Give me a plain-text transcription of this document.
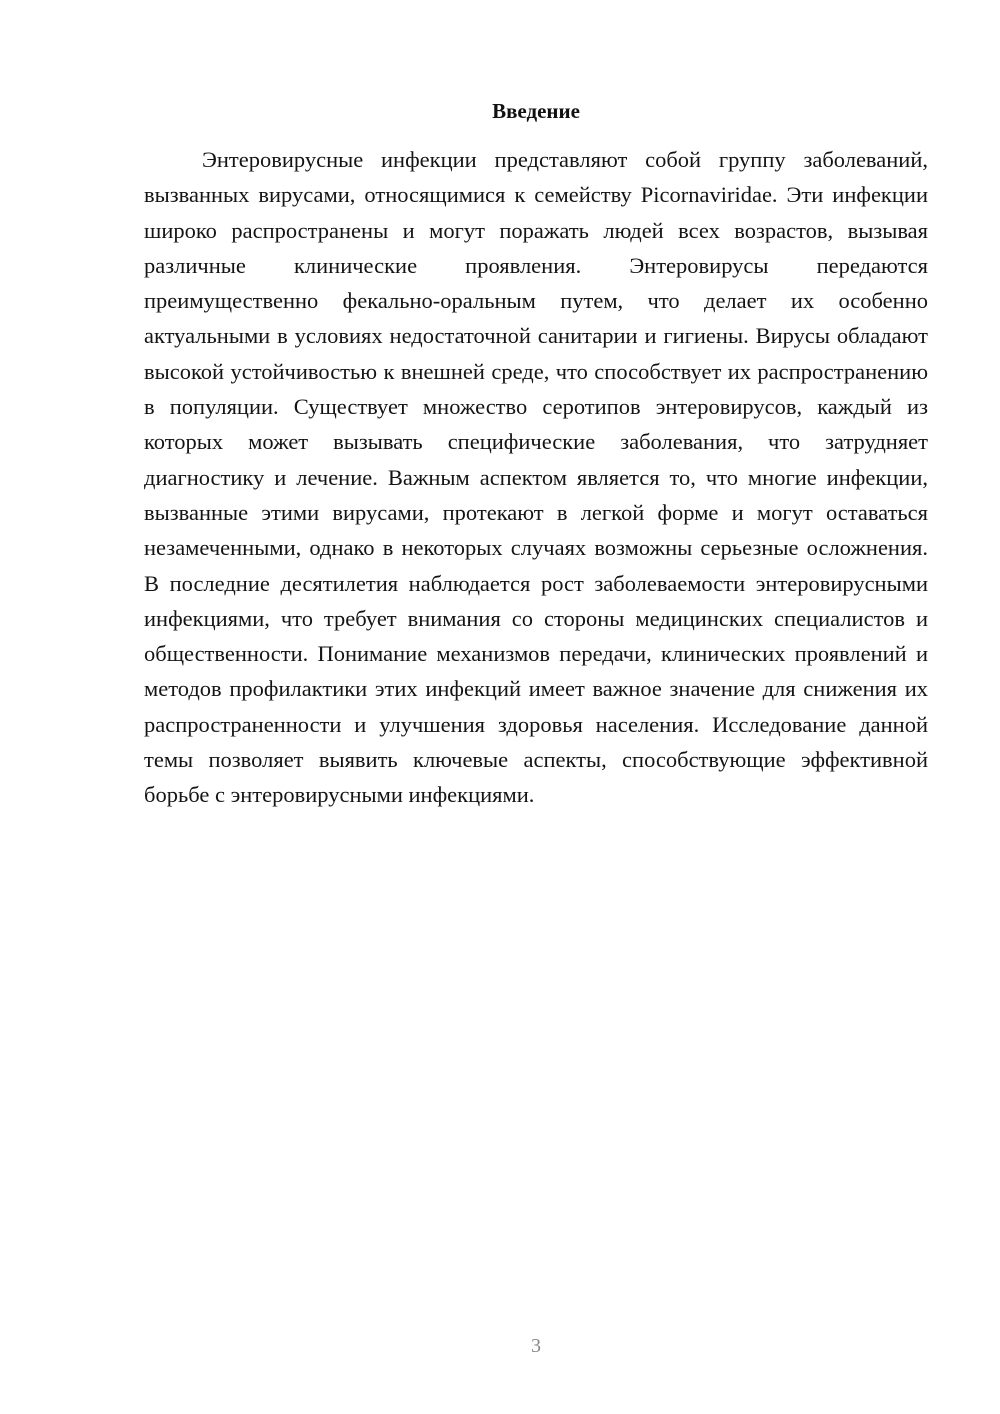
Введение

Энтеровирусные инфекции представляют собой группу заболеваний, вызванных вирусами, относящимися к семейству Picornaviridae. Эти инфекции широко распространены и могут поражать людей всех возрастов, вызывая различные клинические проявления. Энтеровирусы передаются преимущественно фекально-оральным путем, что делает их особенно актуальными в условиях недостаточной санитарии и гигиены. Вирусы обладают высокой устойчивостью к внешней среде, что способствует их распространению в популяции. Существует множество серотипов энтеровирусов, каждый из которых может вызывать специфические заболевания, что затрудняет диагностику и лечение. Важным аспектом является то, что многие инфекции, вызванные этими вирусами, протекают в легкой форме и могут оставаться незамеченными, однако в некоторых случаях возможны серьезные осложнения. В последние десятилетия наблюдается рост заболеваемости энтеровирусными инфекциями, что требует внимания со стороны медицинских специалистов и общественности. Понимание механизмов передачи, клинических проявлений и методов профилактики этих инфекций имеет важное значение для снижения их распространенности и улучшения здоровья населения. Исследование данной темы позволяет выявить ключевые аспекты, способствующие эффективной борьбе с энтеровирусными инфекциями.

3
